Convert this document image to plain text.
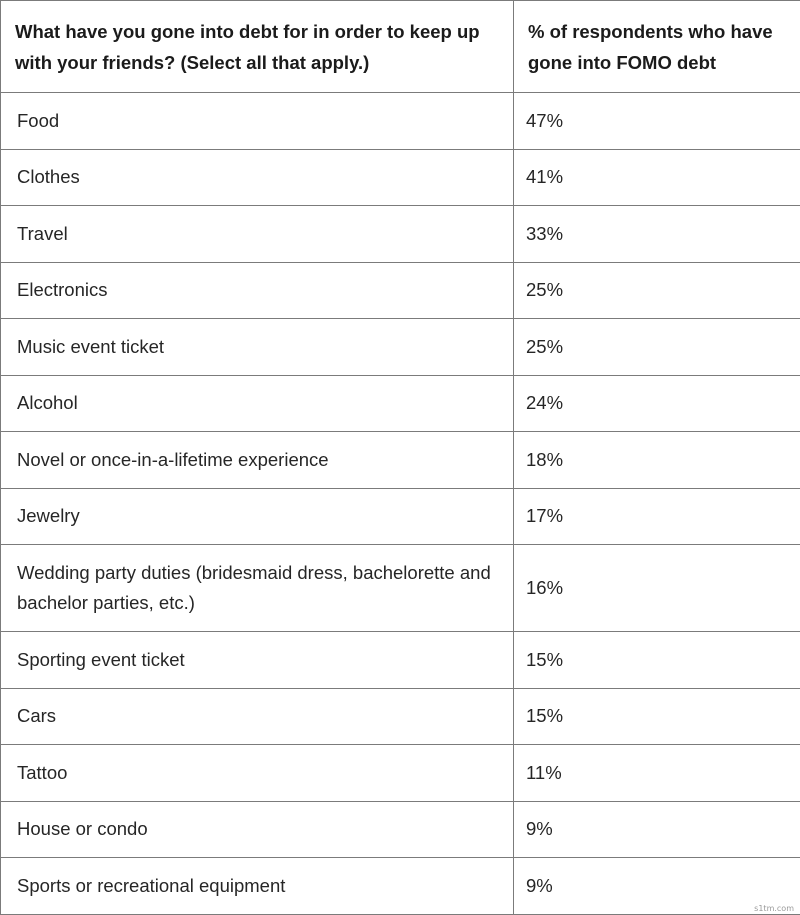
What have you gone into debt for in order to keep up with your friends? (Select all that apply.)	% of respondents who have gone into FOMO debt
Food	47%
Clothes	41%
Travel	33%
Electronics	25%
Music event ticket	25%
Alcohol	24%
Novel or once-in-a-lifetime experience	18%
Jewelry	17%
Wedding party duties (bridesmaid dress, bachelorette and bachelor parties, etc.)	16%
Sporting event ticket	15%
Cars	15%
Tattoo	11%
House or condo	9%
Sports or recreational equipment	9%
s1tm.com
